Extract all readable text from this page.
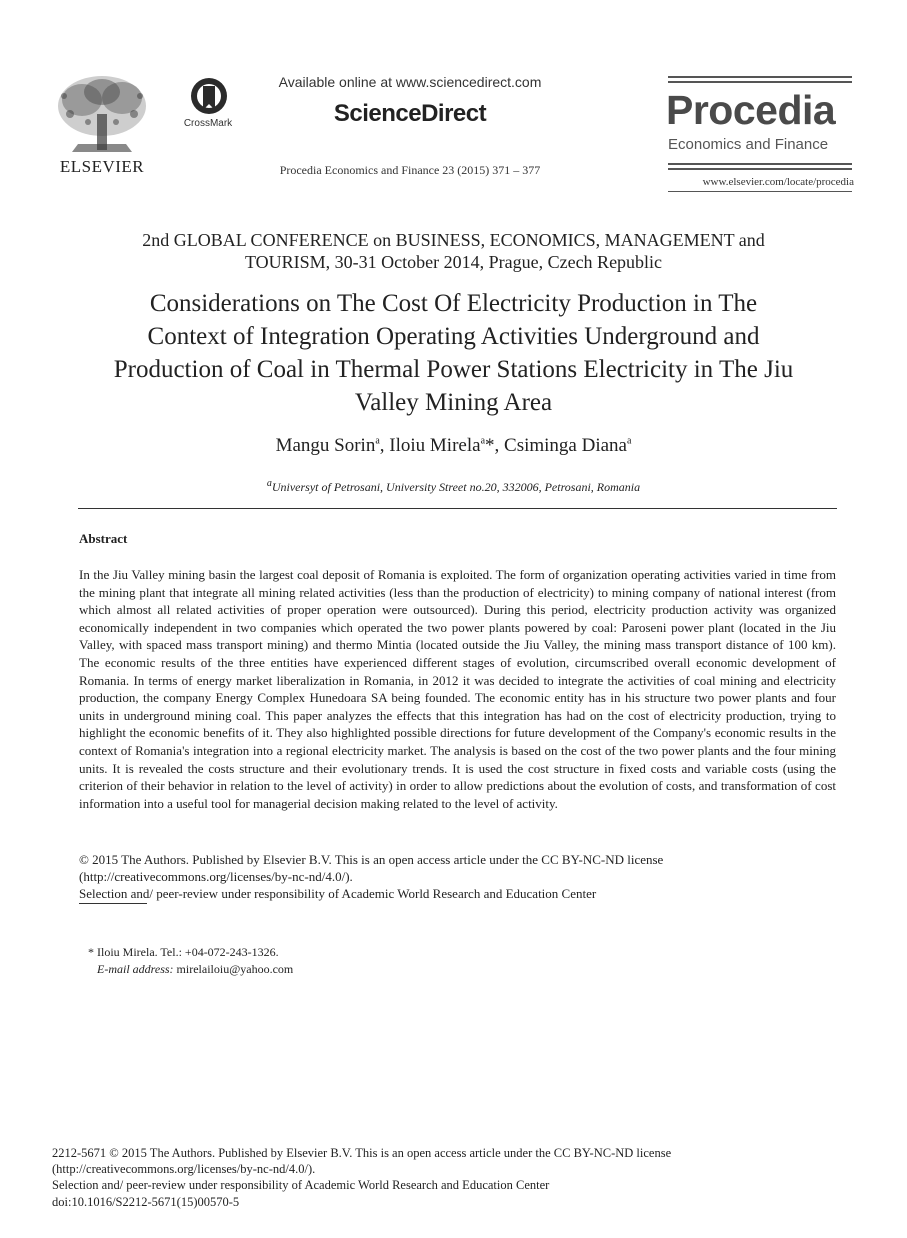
ELSEVIER
CrossMark
Available online at www.sciencedirect.com
ScienceDirect
Procedia Economics and Finance 23 (2015) 371 – 377
Procedia
Economics and Finance
www.elsevier.com/locate/procedia
2nd GLOBAL CONFERENCE on BUSINESS, ECONOMICS, MANAGEMENT and
TOURISM, 30-31 October 2014, Prague, Czech Republic
Considerations on The Cost Of Electricity Production in The
Context of Integration Operating Activities Underground and
Production of Coal in Thermal Power Stations Electricity in The Jiu
Valley Mining Area
Mangu Sorin$^a$, Iloiu Mirela$^a$*, Csiminga Diana$^a$
$^a$Universyt of Petrosani, University Street no.20, 332006, Petrosani, Romania
Abstract
In the Jiu Valley mining basin the largest coal deposit of Romania is exploited. The form of organization operating activities varied in time from the mining plant that integrate all mining related activities (less than the production of electricity) to mining company of national interest (from which almost all related activities of proper operation were outsourced). During this period, electricity production activity was organized economically independent in two companies which operated the two power plants powered by coal: Paroseni power plant (located in the Jiu Valley, with spaced mass transport mining) and thermo Mintia (located outside the Jiu Valley, the mining mass transport distance of 100 km). The economic results of the three entities have experienced different stages of evolution, circumscribed overall economic development of Romania. In terms of energy market liberalization in Romania, in 2012 it was decided to integrate the activities of coal mining and electricity production, the company Energy Complex Hunedoara SA being founded. The economic entity has in his structure two power plants and four units in underground mining coal. This paper analyzes the effects that this integration has had on the cost of electricity production, trying to highlight the economic benefits of it. They also highlighted possible directions for future development of the Company's economic results in the context of Romania's integration into a regional electricity market. The analysis is based on the cost of the two power plants and the four mining units. It is revealed the costs structure and their evolutionary trends. It is used the cost structure in fixed costs and variable costs (using the criterion of their behavior in relation to the level of activity) in order to allow predictions about the evolution of costs, and transformation of cost information into a useful tool for managerial decision making related to the level of activity.
© 2015 The Authors. Published by Elsevier B.V. This is an open access article under the CC BY-NC-ND license
(http://creativecommons.org/licenses/by-nc-nd/4.0/).
Selection and/ peer-review under responsibility of Academic World Research and Education Center
* Iloiu Mirela. Tel.: +04-072-243-1326.
E-mail address: mirelailoiu@yahoo.com
2212-5671 © 2015 The Authors. Published by Elsevier B.V. This is an open access article under the CC BY-NC-ND license
(http://creativecommons.org/licenses/by-nc-nd/4.0/).
Selection and/ peer-review under responsibility of Academic World Research and Education Center
doi:10.1016/S2212-5671(15)00570-5
